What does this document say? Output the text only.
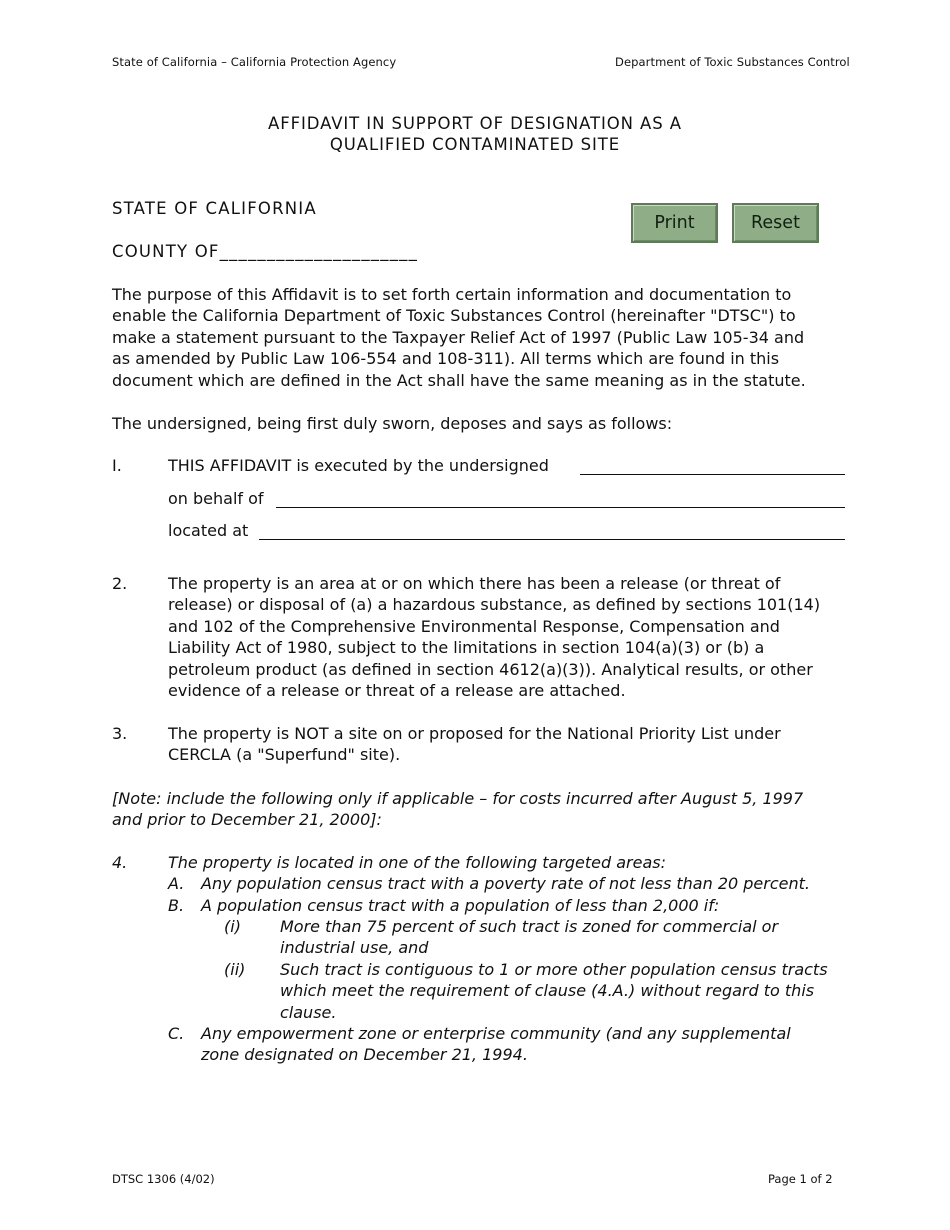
State of California – California Protection Agency	Department of Toxic Substances Control
AFFIDAVIT IN SUPPORT OF DESIGNATION AS A
QUALIFIED CONTAMINATED SITE
STATE OF CALIFORNIA
COUNTY OF_____________________
Print	Reset
The purpose of this Affidavit is to set forth certain information and documentation to
enable the California Department of Toxic Substances Control (hereinafter "DTSC") to
make a statement pursuant to the Taxpayer Relief Act of 1997 (Public Law 105-34 and
as amended by Public Law 106-554 and 108-311). All terms which are found in this
document which are defined in the Act shall have the same meaning as in the statute.
The undersigned, being first duly sworn, deposes and says as follows:
I.	THIS AFFIDAVIT is executed by the undersigned
on behalf of
located at
2.	The property is an area at or on which there has been a release (or threat of
release) or disposal of (a) a hazardous substance, as defined by sections 101(14)
and 102 of the Comprehensive Environmental Response, Compensation and
Liability Act of 1980, subject to the limitations in section 104(a)(3) or (b) a
petroleum product (as defined in section 4612(a)(3)). Analytical results, or other
evidence of a release or threat of a release are attached.
3.	The property is NOT a site on or proposed for the National Priority List under
CERCLA (a "Superfund" site).
[Note: include the following only if applicable – for costs incurred after August 5, 1997
and prior to December 21, 2000]:
4.	The property is located in one of the following targeted areas:
A. Any population census tract with a poverty rate of not less than 20 percent.
B. A population census tract with a population of less than 2,000 if:
(i) More than 75 percent of such tract is zoned for commercial or
industrial use, and
(ii) Such tract is contiguous to 1 or more other population census tracts
which meet the requirement of clause (4.A.) without regard to this
clause.
C. Any empowerment zone or enterprise community (and any supplemental
zone designated on December 21, 1994.
DTSC 1306 (4/02)	Page 1 of 2
